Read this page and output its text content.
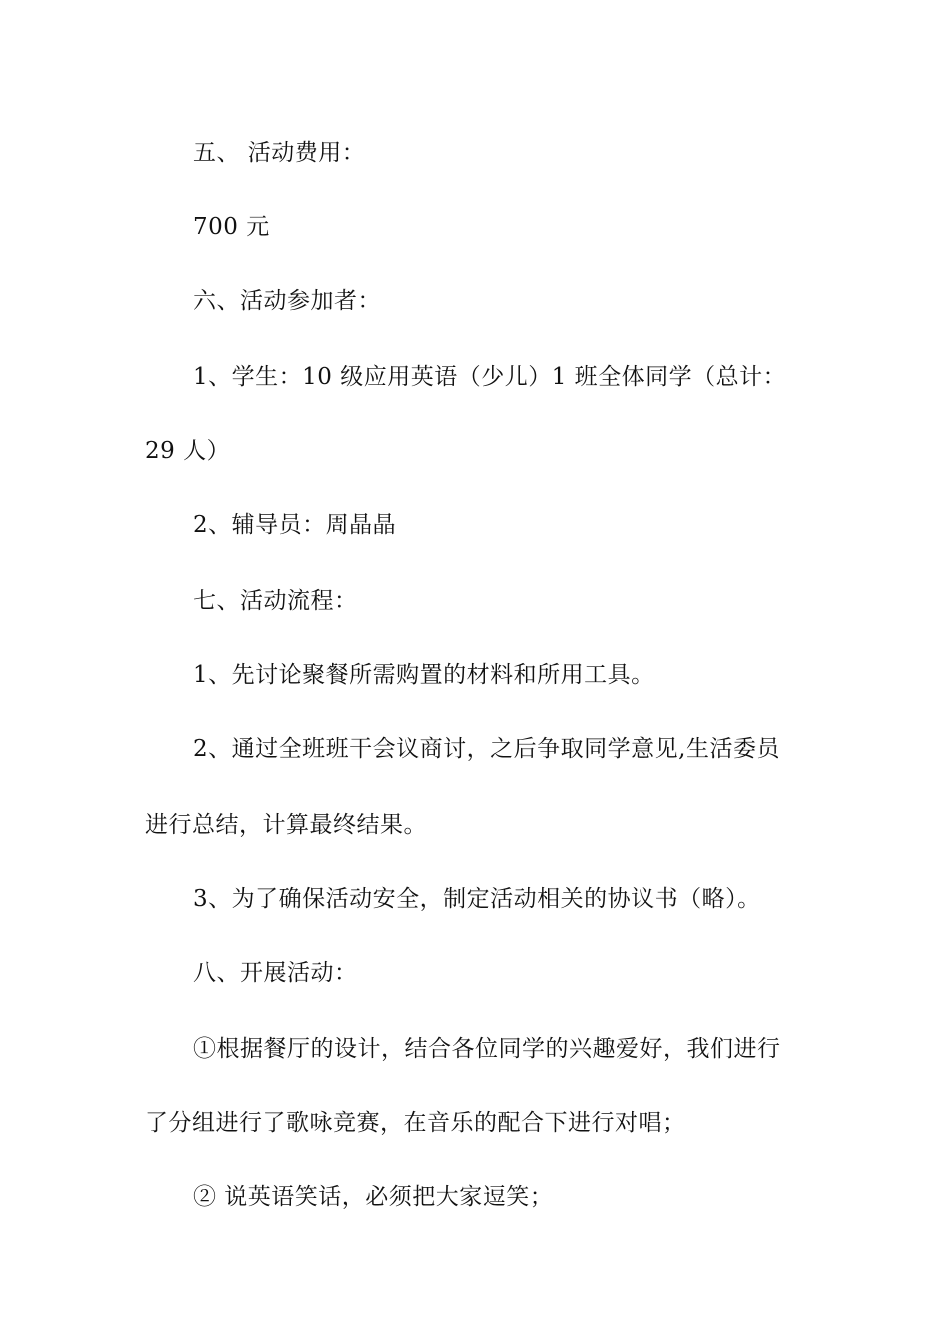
五、 活动费用：
700 元
六、活动参加者：
1、学生：10 级应用英语（少儿）1 班全体同学（总计：
29 人）
2、辅导员：周晶晶
七、活动流程：
1、先讨论聚餐所需购置的材料和所用工具。
2、通过全班班干会议商讨，之后争取同学意见,生活委员
进行总结，计算最终结果。
3、为了确保活动安全，制定活动相关的协议书（略）。
八、开展活动：
①根据餐厅的设计，结合各位同学的兴趣爱好，我们进行
了分组进行了歌咏竞赛，在音乐的配合下进行对唱；
② 说英语笑话，必须把大家逗笑；
